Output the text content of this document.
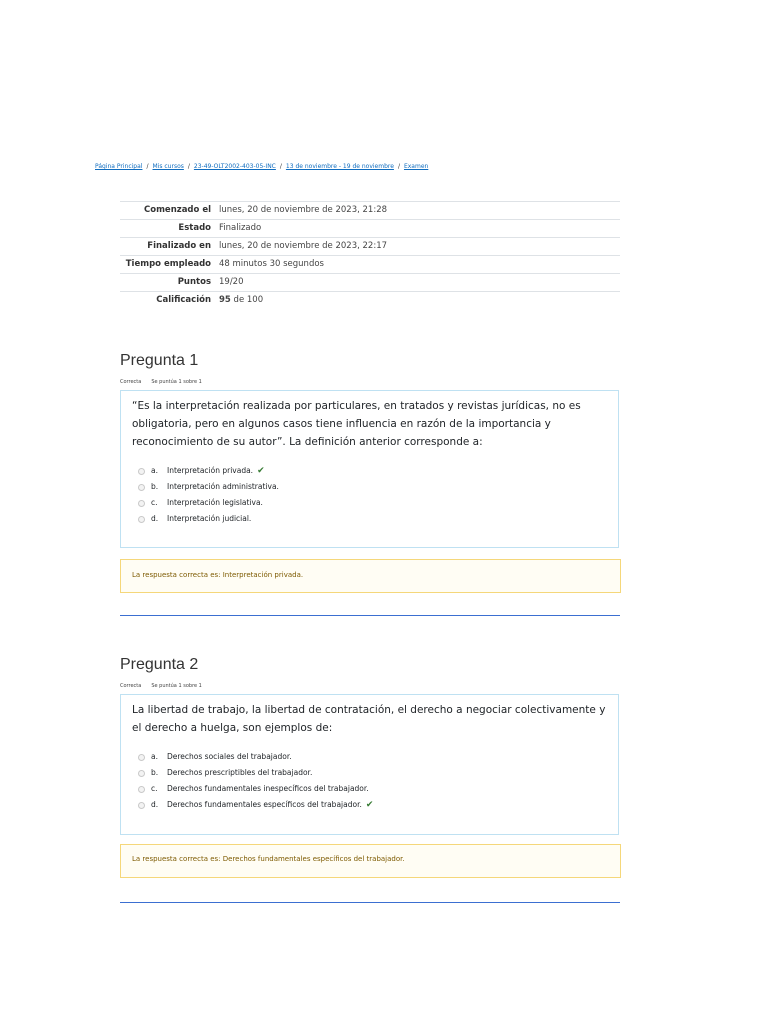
Página Principal / Mis cursos / 23-49-OLT2002-403-05-INC / 13 de noviembre - 19 de noviembre / Examen
Comenzado el	lunes, 20 de noviembre de 2023, 21:28
Estado	Finalizado
Finalizado en	lunes, 20 de noviembre de 2023, 22:17
Tiempo empleado	48 minutos 30 segundos
Puntos	19/20
Calificación	95 de 100
Pregunta 1
Correcta Se puntúa 1 sobre 1
“Es la interpretación realizada por particulares, en tratados y revistas jurídicas, no es obligatoria, pero en algunos casos tiene influencia en razón de la importancia y reconocimiento de su autor”. La definición anterior corresponde a:
a.	Interpretación privada. ✔
b.	Interpretación administrativa.
c.	Interpretación legislativa.
d.	Interpretación judicial.
La respuesta correcta es: Interpretación privada.
Pregunta 2
Correcta Se puntúa 1 sobre 1
La libertad de trabajo, la libertad de contratación, el derecho a negociar colectivamente y el derecho a huelga, son ejemplos de:
a.	Derechos sociales del trabajador.
b.	Derechos prescriptibles del trabajador.
c.	Derechos fundamentales inespecíficos del trabajador.
d.	Derechos fundamentales específicos del trabajador. ✔
La respuesta correcta es: Derechos fundamentales específicos del trabajador.
